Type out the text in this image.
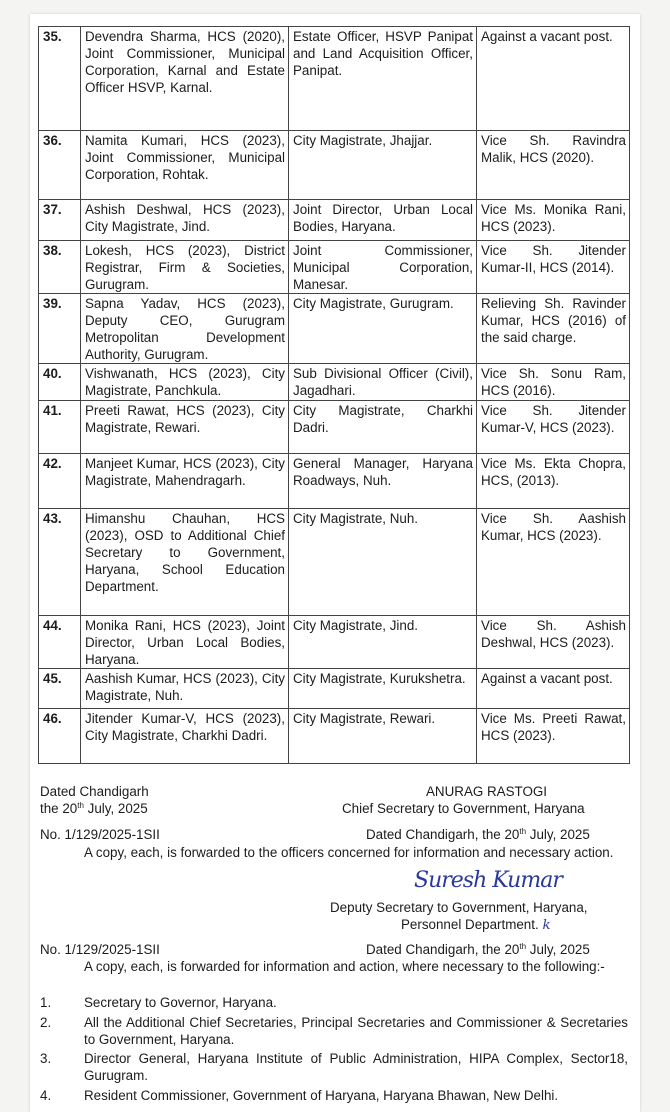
35.	Devendra Sharma, HCS (2020), Joint Commissioner, Municipal Corporation, Karnal and Estate Officer HSVP, Karnal.	Estate Officer, HSVP Panipat and Land Acquisition Officer, Panipat.	Against a vacant post.
36.	Namita Kumari, HCS (2023), Joint Commissioner, Municipal Corporation, Rohtak.	City Magistrate, Jhajjar.	Vice Sh. Ravindra Malik, HCS (2020).
37.	Ashish Deshwal, HCS (2023), City Magistrate, Jind.	Joint Director, Urban Local Bodies, Haryana.	Vice Ms. Monika Rani, HCS (2023).
38.	Lokesh, HCS (2023), District Registrar, Firm & Societies, Gurugram.	Joint Commissioner, Municipal Corporation, Manesar.	Vice Sh. Jitender Kumar-II, HCS (2014).
39.	Sapna Yadav, HCS (2023), Deputy CEO, Gurugram Metropolitan Development Authority, Gurugram.	City Magistrate, Gurugram.	Relieving Sh. Ravinder Kumar, HCS (2016) of the said charge.
40.	Vishwanath, HCS (2023), City Magistrate, Panchkula.	Sub Divisional Officer (Civil), Jagadhari.	Vice Sh. Sonu Ram, HCS (2016).
41.	Preeti Rawat, HCS (2023), City Magistrate, Rewari.	City Magistrate, Charkhi Dadri.	Vice Sh. Jitender Kumar-V, HCS (2023).
42.	Manjeet Kumar, HCS (2023), City Magistrate, Mahendragarh.	General Manager, Haryana Roadways, Nuh.	Vice Ms. Ekta Chopra, HCS, (2013).
43.	Himanshu Chauhan, HCS (2023), OSD to Additional Chief Secretary to Government, Haryana, School Education Department.	City Magistrate, Nuh.	Vice Sh. Aashish Kumar, HCS (2023).
44.	Monika Rani, HCS (2023), Joint Director, Urban Local Bodies, Haryana.	City Magistrate, Jind.	Vice Sh. Ashish Deshwal, HCS (2023).
45.	Aashish Kumar, HCS (2023), City Magistrate, Nuh.	City Magistrate, Kurukshetra.	Against a vacant post.
46.	Jitender Kumar-V, HCS (2023), City Magistrate, Charkhi Dadri.	City Magistrate, Rewari.	Vice Ms. Preeti Rawat, HCS (2023).
Dated Chandigarh
the 20th July, 2025
ANURAG RASTOGI
Chief Secretary to Government, Haryana
No. 1/129/2025-1SII	Dated Chandigarh, the 20th July, 2025
A copy, each, is forwarded to the officers concerned for information and necessary action.
Suresh Kumar
Deputy Secretary to Government, Haryana,
Personnel Department. k
No. 1/129/2025-1SII	Dated Chandigarh, the 20th July, 2025
A copy, each, is forwarded for information and action, where necessary to the following:-
1. Secretary to Governor, Haryana.
2. All the Additional Chief Secretaries, Principal Secretaries and Commissioner & Secretaries to Government, Haryana.
3. Director General, Haryana Institute of Public Administration, HIPA Complex, Sector18, Gurugram.
4. Resident Commissioner, Government of Haryana, Haryana Bhawan, New Delhi.
